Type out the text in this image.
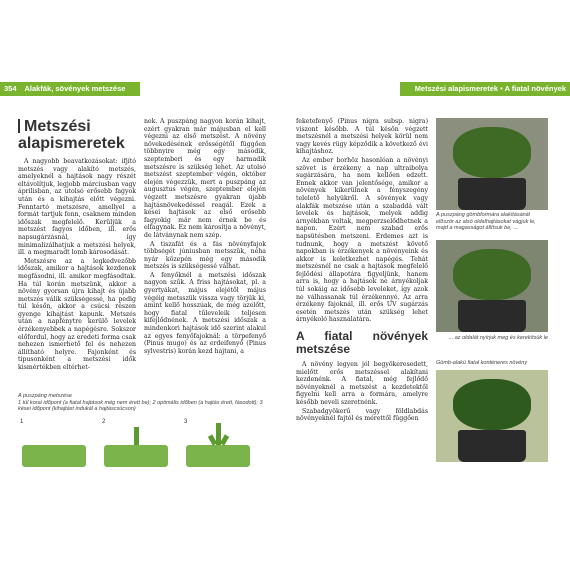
354 Alakfák, sövények metszése	Metszési alapismeretek • A fiatal növények metszése355
Metszési alapismeretek

A nagyobb beavatkozásokat: ifjító metszés vagy alakító metszés, amelyeknél a hajtások nagy részét eltávolítjuk, legjobb márciusban vagy áprilisban, az utolsó erősebb fagyok után és a kihajtás előtt végezni. Fenntartó metszésre, amellyel a formát tartjuk fenn, csaknem minden időszak megfelelő. Kerüljük a metszést fagyos időben, ill. erős napsugárzásnál, így minimalizálhatjuk a metszési helyek, ill. a megmaradt lomb károsodását.

Metszésre az a legkedvezőbb időszak, amikor a hajtások kezdenek megfásodni, ill. amikor megfásodtak. Ha túl korán metszünk, akkor a növény gyorsan újra kihajt és újabb metszés válik szükségessé, ha pedig túl későn, akkor a csúcsi részen gyenge kihajtást kapunk. Metszés után a napfénytre kerülő levelek érzékenyebbek a napégésre. Sokszor előfordul, hogy az eredeti forma csak nehezen ismerhető fel és nehezen állítható helyre. Fajonként és típusonként a metszési idők kismértékben eltérhet-

nek. A puszpáng nagyon korán kihajt, ezért gyakran már májusban el kell végezni az első metszést. A növény növekedésének erősségétől függően többnyire még egy második, szeptemberi és egy harmadik metszésre is szükség lehet. Az utolsó metszést szeptember végén, október elején végezzük, mert a puszpáng az augusztus végén, szeptember elején végzett metszésre gyakran újabb hajtásnövekedéssel reagál. Ezek a kései hajtások az első erősebb fagyokig már nem érnek be és elfagynak. Ez nem károsítja a növényt, de látványnak nem szép.

A tiszafát és a fás növényfajok többségét júniusban metsszük, néha nyár közepén még egy második metszés is szükségessé válhat.

A fenyőknél a metszési időszak nagyon szűk. A friss hajtásokat, pl. a gyertyákat, május elejétől május végéig metsszük vissza vagy törjük ki, amint kellő hosszúak, de még azelőtt, hogy fiatal tűleveleik teljesen kifejlődnének. A metszési időszak a mindenkori hajtások idő szerint alakul az egyes fenyőfajoknál: a törpefenyő (Pinus mugo) és az erdeifenyő (Pinus sylvestris) korán kezd hajtani, a

A puszpáng metszése
1 túl korai időpont (a fiatal hajtások még nem érett be); 2 optimális időben (a hajtás érett, fásodott); 3 kései időpont (kihajtást indukál a hajtáscsúcson)
1	2	3

feketefenyő (Pinus nigra subsp. nigra) viszont később. A túl későn végzett metszésnél a metszési helyek körül nem vagy kevés rügy képződik a következő évi kihajtáshoz.

Az ember borhöz hasonlóan a növényi szövet is érzékeny a nap ultraibolya sugárzására, ha nem kellően edzett. Ennek akkor van jelentősége, amikor a növények kikerülnek a fényszegény telelető helyükről. A sövények vagy alakfák metszése után a szabaddá vált levelek és hajtások, melyek addig árnyékban voltak, megperzselődhetnek a napon. Ezért nem szabad erős napsütésben metszeni. Érdemes azt is tudnunk, hogy a metszést követő napokban is érzékenyek a növényeink és akkor is keletkezhet napégés. Tehát metszésnél ne csak a hajtások megfelelő fejlődési állapotára figyeljünk, hanem arra is, hogy a hajtások ne árnyékoljak túl sokáig az idősebb leveleket, így azok ne válhassanak túl érzékennyé. Az arra érzékeny fajoknál, ill. erős UV sugárzás esetén metszés után szükség lehet árnyékoló használatára.

A fiatal növények metszése

A növény legyen jól begyökeresedett, mielőtt erős metszéssel alakítani kezdenénk. A fiatal, még fejlődő növényeknél a metszést a kezdetektől figyelni kell arra a formára, amelyre később neveli szeretnénk.

Szabadgyökerű vagy földlabdás növényeknél fajtól és mérettől függően

A puszpáng gömbformára alakításánál először az alsó oldalhajtásokat vágjuk le, majd a magasságot állítsuk be, ...
... az oldalát nyírjuk meg és kerekítsük le
Gömb-alakú fiatal konténeres növény
